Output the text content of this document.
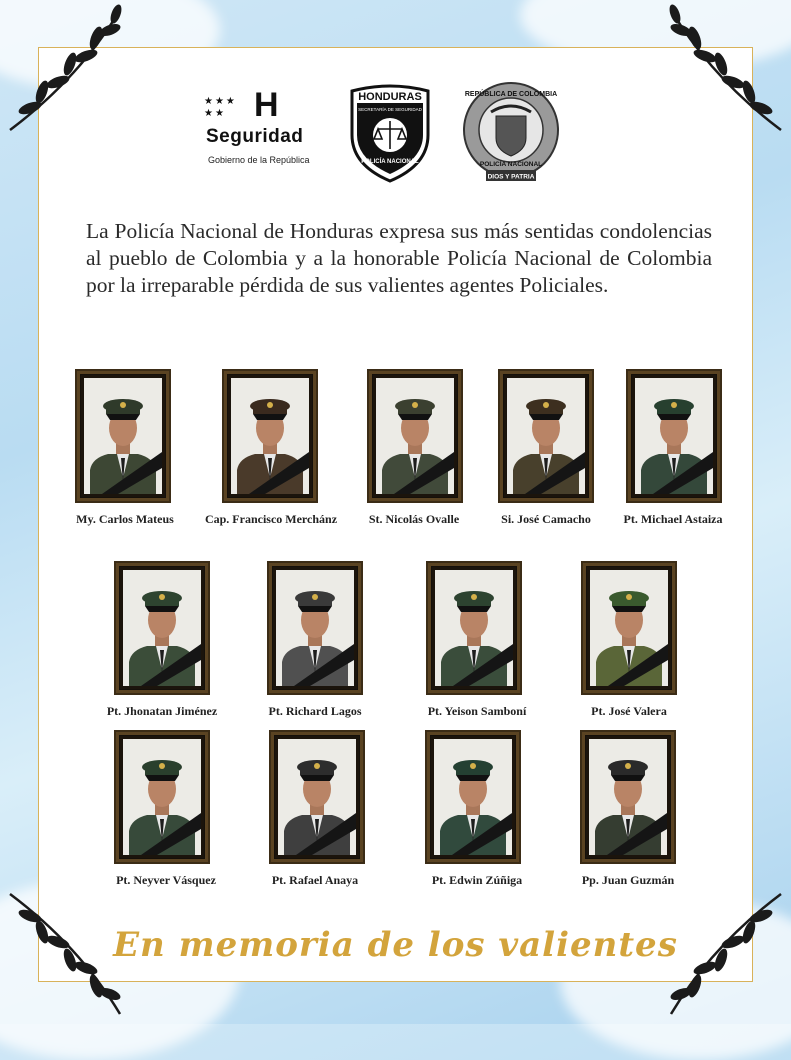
★★★ ★★ H
Seguridad
Gobierno de la República
HONDURAS
SECRETARÍA DE SEGURIDAD
POLICÍA NACIONAL
REPÚBLICA DE COLOMBIA
POLICÍA NACIONAL
DIOS Y PATRIA
La Policía Nacional de Honduras expresa sus más sentidas condolencias al pueblo de Colombia y a la honorable Policía Nacional de Colombia por la irreparable pérdida de sus valientes agentes Policiales.
My. Carlos Mateus	Cap. Francisco Merchánz	St. Nicolás Ovalle	Si. José Camacho	Pt. Michael Astaiza
Pt. Jhonatan Jiménez	Pt. Richard Lagos	Pt. Yeison Samboní	Pt. José Valera
Pt. Neyver Vásquez	Pt. Rafael Anaya	Pt. Edwin Zúñiga	Pp. Juan Guzmán
En memoria de los valientes
